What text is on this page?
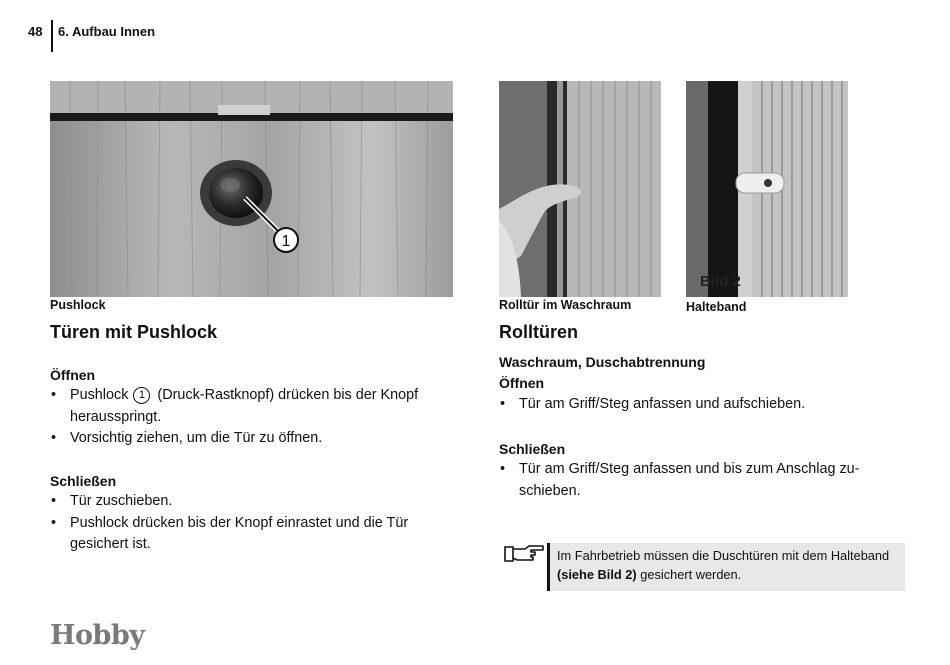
48 6. Aufbau Innen
1
Pushlock
Türen mit Pushlock
Öffnen
• Pushlock 1 (Druck-Rastknopf) drücken bis der Knopf herausspringt.
• Vorsichtig ziehen, um die Tür zu öffnen.
Schließen
• Tür zuschieben.
• Pushlock drücken bis der Knopf einrastet und die Tür gesichert ist.
Rolltür im Waschraum
Bild 2
Halteband
Rolltüren
Waschraum, Duschabtrennung
Öffnen
• Tür am Griff/Steg anfassen und aufschieben.
Schließen
• Tür am Griff/Steg anfassen und bis zum Anschlag zu-schieben.
Im Fahrbetrieb müssen die Duschtüren mit dem Halteband (siehe Bild 2) gesichert werden.
Hobby
